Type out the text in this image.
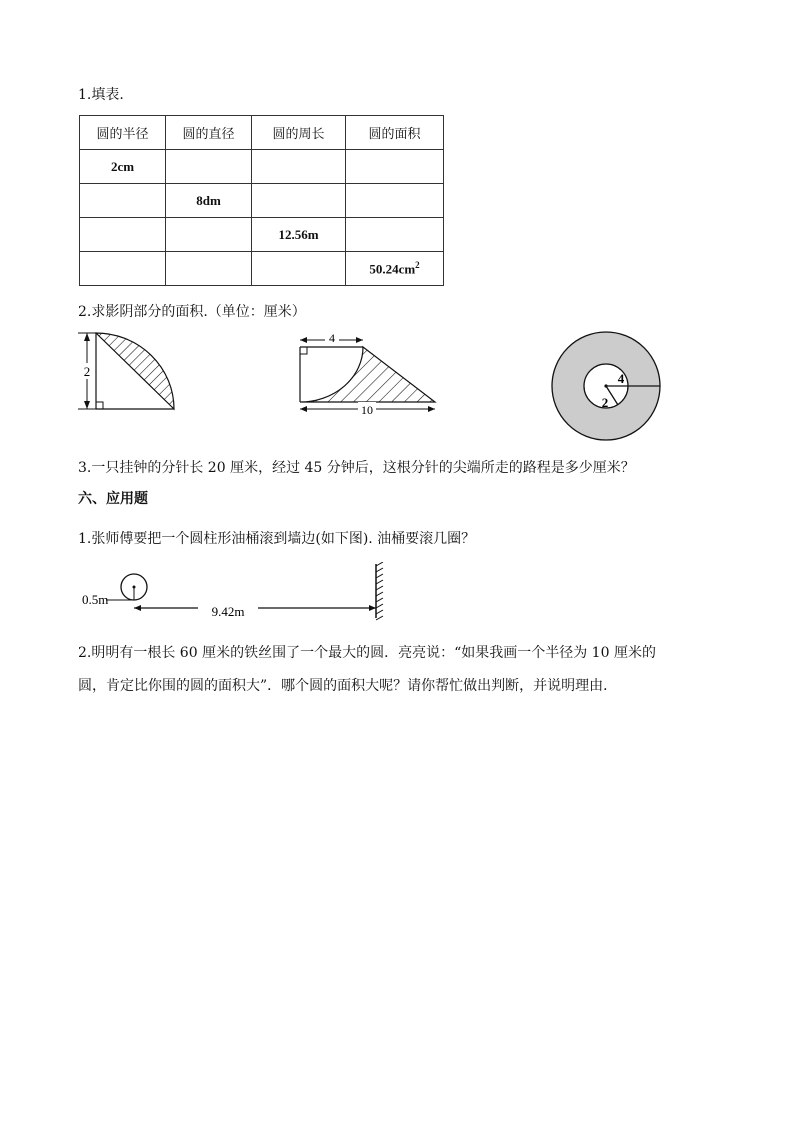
1.填表.
圆的半径	圆的直径	圆的周长	圆的面积
2cm			
	8dm		
		12.56m	
			$50.24cm^2$
2.求影阴部分的面积.（单位：厘米）
2
4
10
4
2
3.一只挂钟的分针长 20 厘米，经过 45 分钟后，这根分针的尖端所走的路程是多少厘米？
六、应用题
1.张师傅要把一个圆柱形油桶滚到墙边(如下图). 油桶要滚几圈？
0.5m
9.42m
2.明明有一根长 60 厘米的铁丝围了一个最大的圆．亮亮说：“如果我画一个半径为 10 厘米的
圆，肯定比你围的圆的面积大”．哪个圆的面积大呢？请你帮忙做出判断，并说明理由．
